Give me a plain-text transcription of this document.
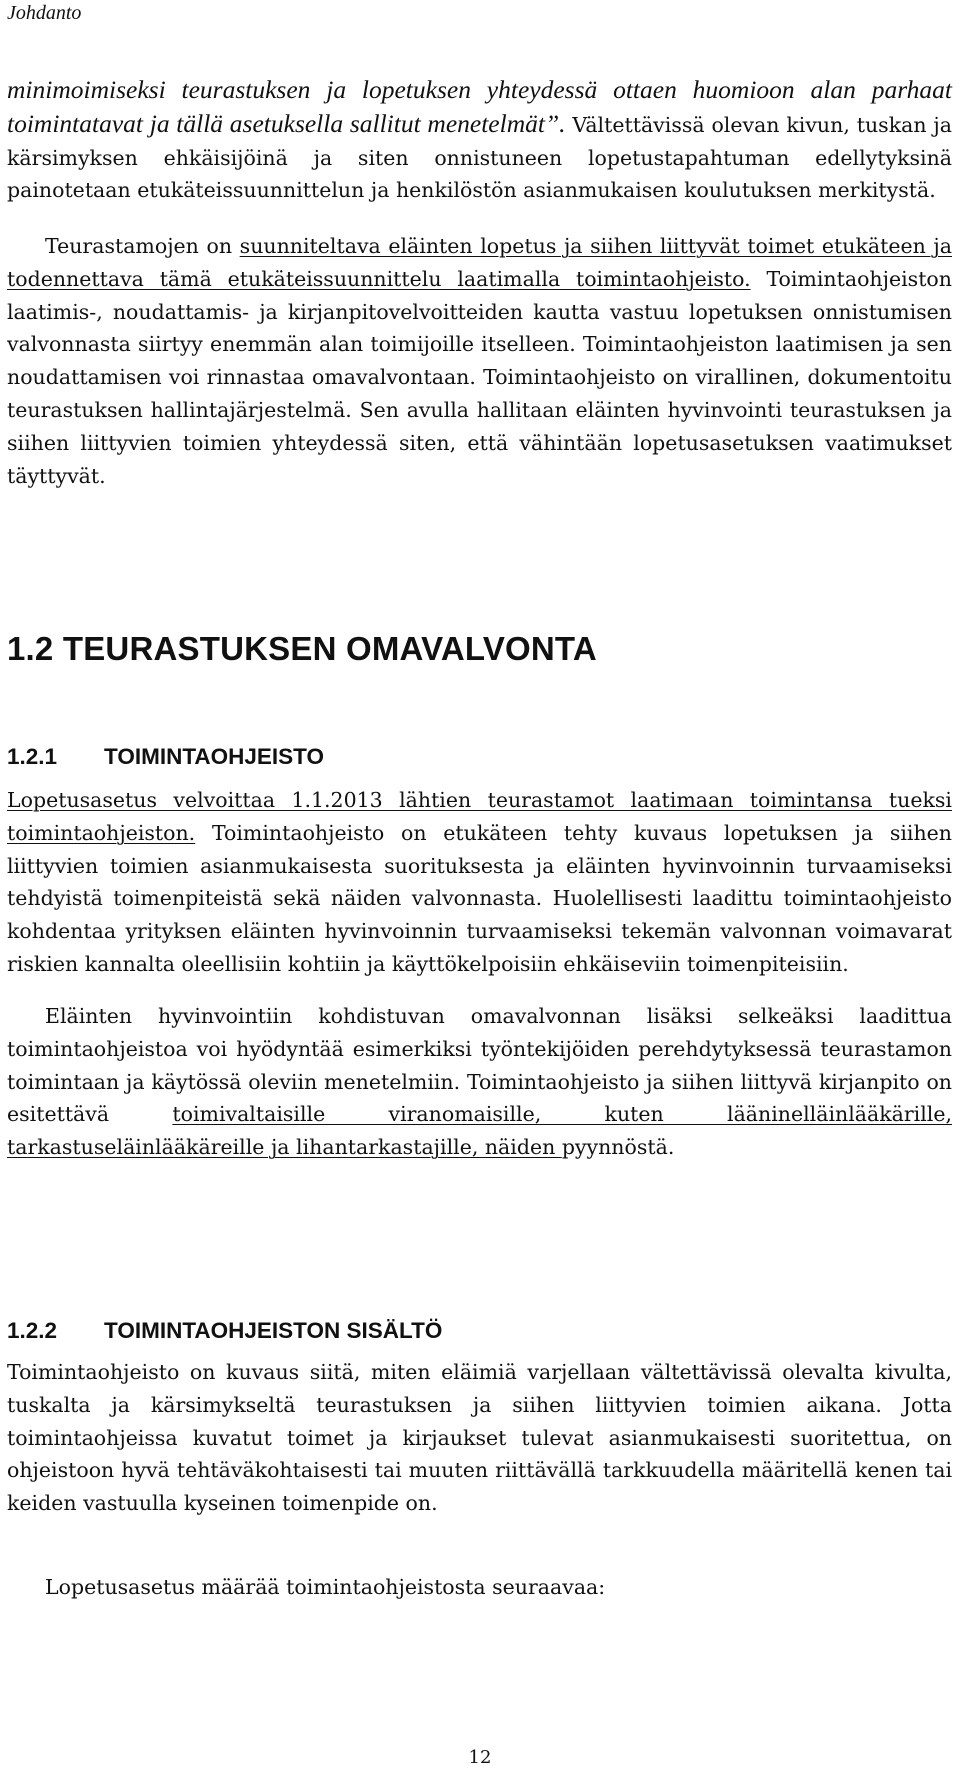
Johdanto

minimoimiseksi teurastuksen ja lopetuksen yhteydessä ottaen huomioon alan parhaat toimintatavat ja tällä asetuksella sallitut menetelmät”. Vältettävissä olevan kivun, tuskan ja kärsimyksen ehkäisijöinä ja siten onnistuneen lopetustapahtuman edellytyksinä painotetaan etukäteissuunnittelun ja henkilöstön asianmukaisen koulutuksen merkitystä.

Teurastamojen on suunniteltava eläinten lopetus ja siihen liittyvät toimet etukäteen ja todennettava tämä etukäteissuunnittelu laatimalla toimintaohjeisto. Toimintaohjeiston laatimis-, noudattamis- ja kirjanpitovelvoitteiden kautta vastuu lopetuksen onnistumisen valvonnasta siirtyy enemmän alan toimijoille itselleen. Toimintaohjeiston laatimisen ja sen noudattamisen voi rinnastaa omavalvontaan. Toimintaohjeisto on virallinen, dokumentoitu teurastuksen hallintajärjestelmä. Sen avulla hallitaan eläinten hyvinvointi teurastuksen ja siihen liittyvien toimien yhteydessä siten, että vähintään lopetusasetuksen vaatimukset täyttyvät.

1.2 TEURASTUKSEN OMAVALVONTA
1.2.1 TOIMINTAOHJEISTO

Lopetusasetus velvoittaa 1.1.2013 lähtien teurastamot laatimaan toimintansa tueksi toimintaohjeiston. Toimintaohjeisto on etukäteen tehty kuvaus lopetuksen ja siihen liittyvien toimien asianmukaisesta suorituksesta ja eläinten hyvinvoinnin turvaamiseksi tehdyistä toimenpiteistä sekä näiden valvonnasta. Huolellisesti laadittu toimintaohjeisto kohdentaa yrityksen eläinten hyvinvoinnin turvaamiseksi tekemän valvonnan voimavarat riskien kannalta oleellisiin kohtiin ja käyttökelpoisiin ehkäiseviin toimenpiteisiin.

Eläinten hyvinvointiin kohdistuvan omavalvonnan lisäksi selkeäksi laadittua toimintaohjeistoa voi hyödyntää esimerkiksi työntekijöiden perehdytyksessä teurastamon toimintaan ja käytössä oleviin menetelmiin. Toimintaohjeisto ja siihen liittyvä kirjanpito on esitettävä toimivaltaisille viranomaisille, kuten lääninelläinlääkärille, tarkastuseläinlääkäreille ja lihantarkastajille, näiden pyynnöstä.

1.2.2 TOIMINTAOHJEISTON SISÄLTÖ

Toimintaohjeisto on kuvaus siitä, miten eläimiä varjellaan vältettävissä olevalta kivulta, tuskalta ja kärsimykseltä teurastuksen ja siihen liittyvien toimien aikana. Jotta toimintaohjeissa kuvatut toimet ja kirjaukset tulevat asianmukaisesti suoritettua, on ohjeistoon hyvä tehtäväkohtaisesti tai muuten riittävällä tarkkuudella määritellä kenen tai keiden vastuulla kyseinen toimenpide on.

Lopetusasetus määrää toimintaohjeistosta seuraavaa:

12
